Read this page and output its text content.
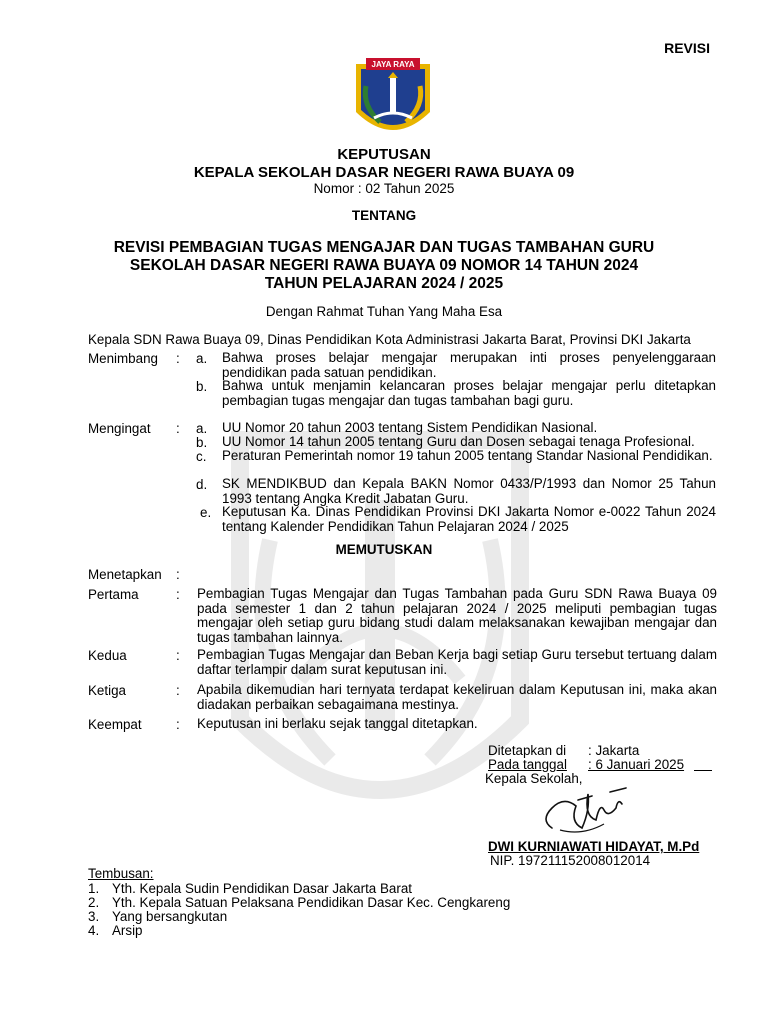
REVISI
JAYA RAYA
KEPUTUSAN
KEPALA SEKOLAH DASAR NEGERI RAWA BUAYA 09
Nomor : 02 Tahun 2025
TENTANG
REVISI PEMBAGIAN TUGAS MENGAJAR DAN TUGAS TAMBAHAN GURU
SEKOLAH DASAR NEGERI RAWA BUAYA 09 NOMOR 14 TAHUN 2024
TAHUN PELAJARAN 2024 / 2025
Dengan Rahmat Tuhan Yang Maha Esa
Kepala SDN Rawa Buaya 09, Dinas Pendidikan Kota Administrasi Jakarta Barat, Provinsi DKI Jakarta
Menimbang : a. Bahwa proses belajar mengajar merupakan inti proses penyelenggaraan pendidikan pada satuan pendidikan.
b. Bahwa untuk menjamin kelancaran proses belajar mengajar perlu ditetapkan pembagian tugas mengajar dan tugas tambahan bagi guru.
Mengingat : a. UU Nomor 20 tahun 2003 tentang Sistem Pendidikan Nasional.
b. UU Nomor 14 tahun 2005 tentang Guru dan Dosen sebagai tenaga Profesional.
c. Peraturan Pemerintah nomor 19 tahun 2005 tentang Standar Nasional Pendidikan.
d. SK MENDIKBUD dan Kepala BAKN Nomor 0433/P/1993 dan Nomor 25 Tahun 1993 tentang Angka Kredit Jabatan Guru.
e. Keputusan Ka. Dinas Pendidikan Provinsi DKI Jakarta Nomor e-0022 Tahun 2024 tentang Kalender Pendidikan Tahun Pelajaran 2024 / 2025
MEMUTUSKAN
Menetapkan :
Pertama	: Pembagian Tugas Mengajar dan Tugas Tambahan pada Guru SDN Rawa Buaya 09 pada semester 1 dan 2 tahun pelajaran 2024 / 2025 meliputi pembagian tugas mengajar oleh setiap guru bidang studi dalam melaksanakan kewajiban mengajar dan tugas tambahan lainnya.
Kedua	: Pembagian Tugas Mengajar dan Beban Kerja bagi setiap Guru tersebut tertuang dalam daftar terlampir dalam surat keputusan ini.
Ketiga	: Apabila dikemudian hari ternyata terdapat kekeliruan dalam Keputusan ini, maka akan diadakan perbaikan sebagaimana mestinya.
Keempat	: Keputusan ini berlaku sejak tanggal ditetapkan.
Ditetapkan di : Jakarta
Pada tanggal : 6 Januari 2025
Kepala Sekolah,
DWI KURNIAWATI HIDAYAT, M.Pd
NIP. 197211152008012014
Tembusan:
1. Yth. Kepala Sudin Pendidikan Dasar Jakarta Barat
2. Yth. Kepala Satuan Pelaksana Pendidikan Dasar Kec. Cengkareng
3. Yang bersangkutan
4. Arsip
